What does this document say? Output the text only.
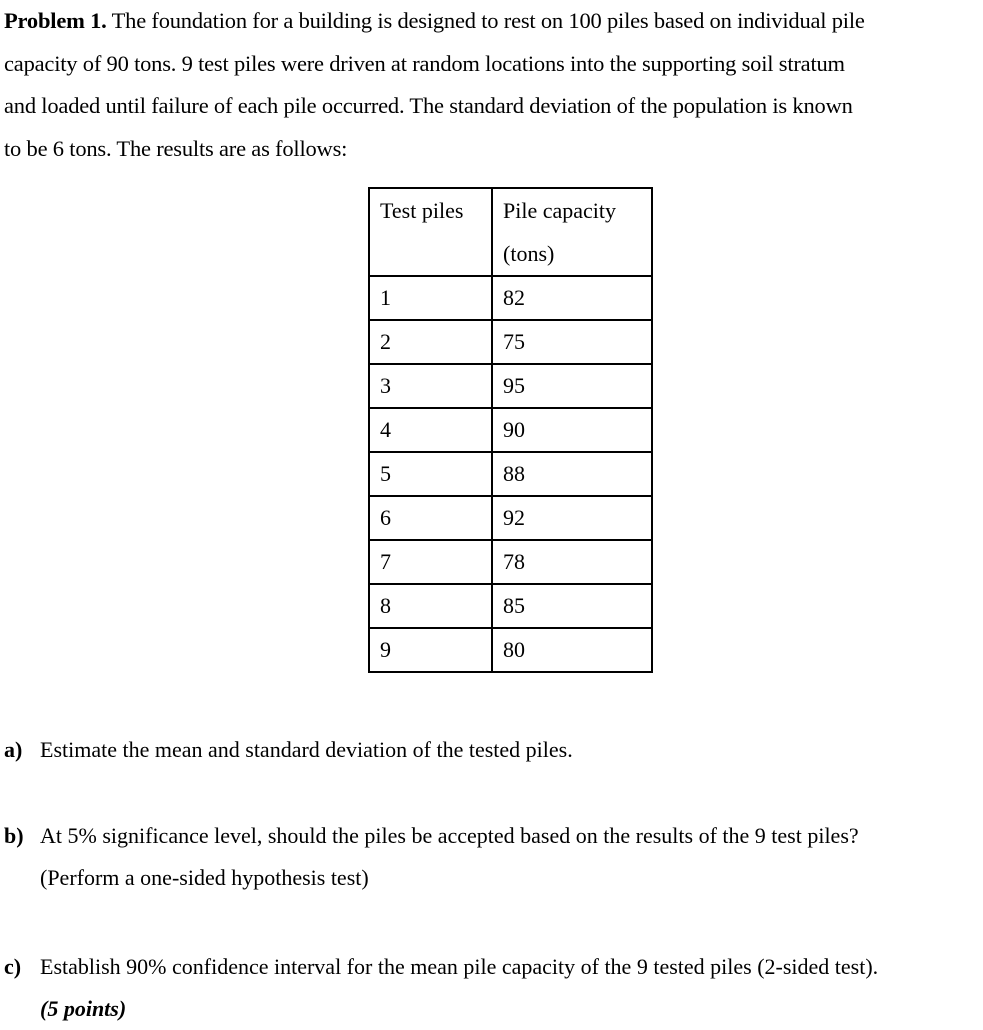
Problem 1. The foundation for a building is designed to rest on 100 piles based on individual pile
capacity of 90 tons. 9 test piles were driven at random locations into the supporting soil stratum
and loaded until failure of each pile occurred. The standard deviation of the population is known
to be 6 tons. The results are as follows:
Test piles	Pile capacity
(tons)

1	82
2	75
3	95
4	90
5	88
6	92
7	78
8	85
9	80
a) Estimate the mean and standard deviation of the tested piles.
b) At 5% significance level, should the piles be accepted based on the results of the 9 test piles?
(Perform a one-sided hypothesis test)
c) Establish 90% confidence interval for the mean pile capacity of the 9 tested piles (2-sided test).
(5 points)
